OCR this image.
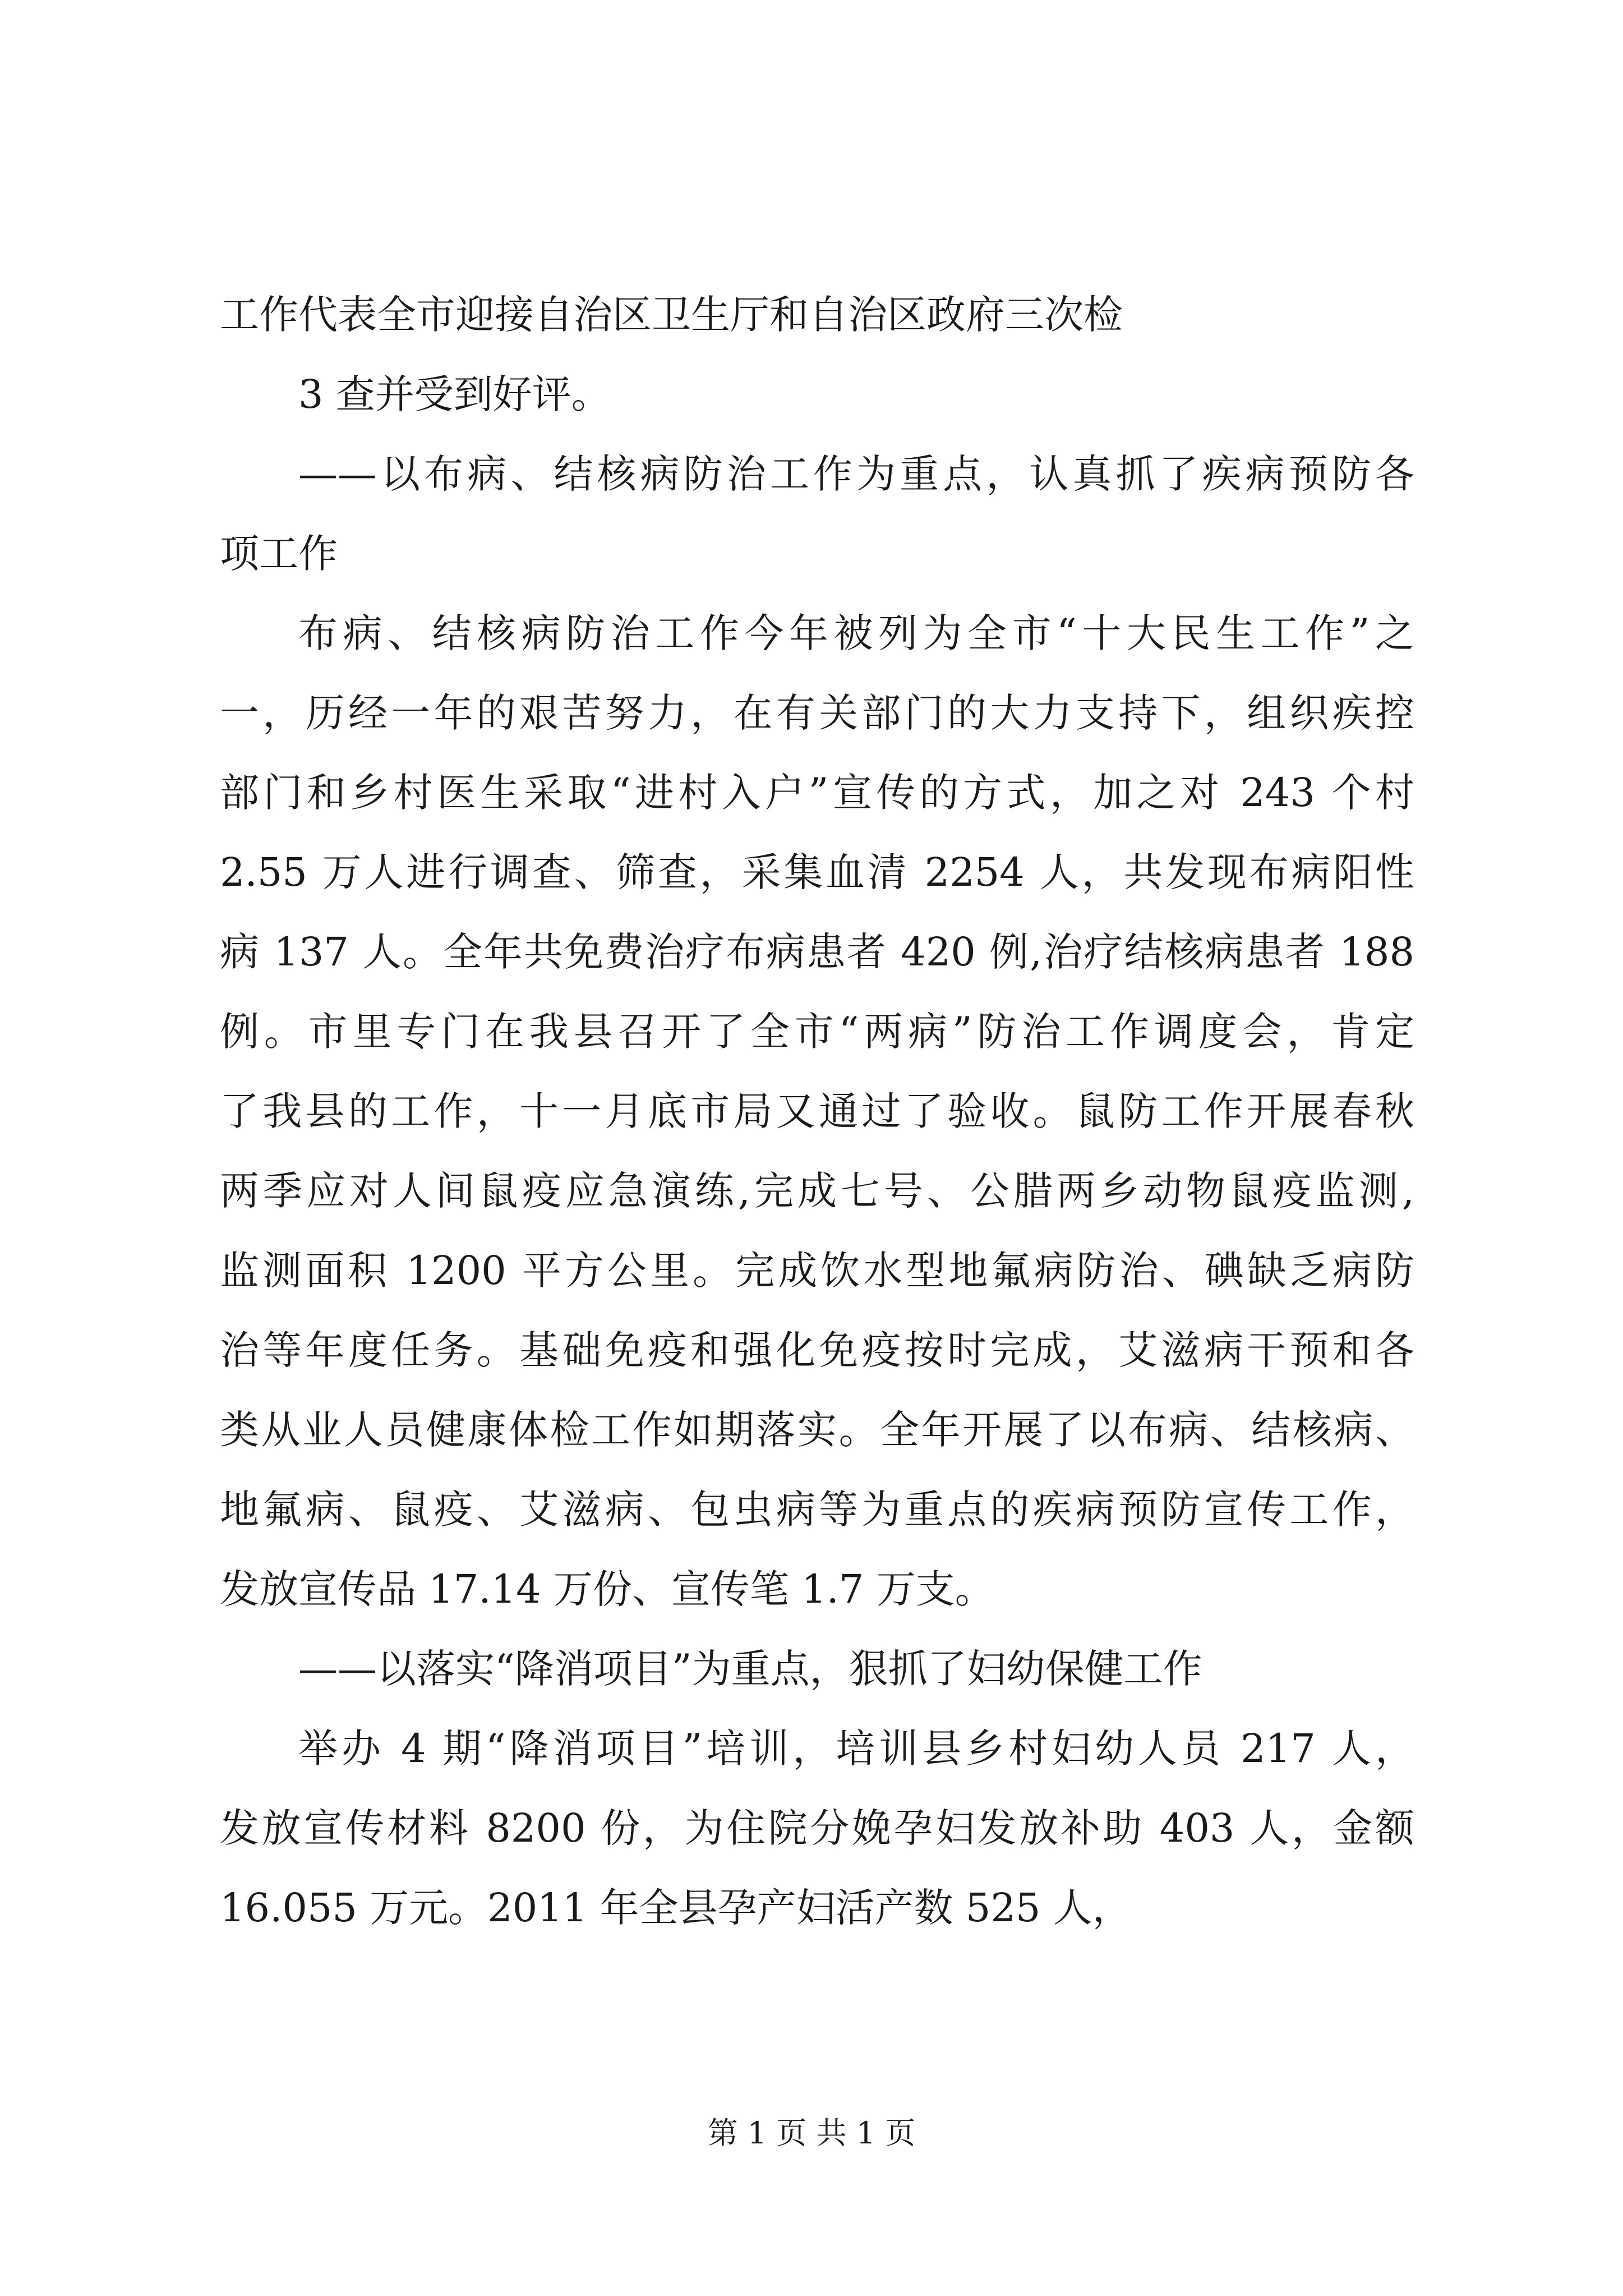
工作代表全市迎接自治区卫生厅和自治区政府三次检
3 查并受到好评。
——以布病、结核病防治工作为重点，认真抓了疾病预防各
项工作
布病、结核病防治工作今年被列为全市“十大民生工作”之
一，历经一年的艰苦努力，在有关部门的大力支持下，组织疾控
部门和乡村医生采取“进村入户”宣传的方式，加之对 243 个村
2.55 万人进行调查、筛查，采集血清 2254 人，共发现布病阳性
病 137 人。全年共免费治疗布病患者 420 例,治疗结核病患者 188
例。市里专门在我县召开了全市“两病”防治工作调度会，肯定
了我县的工作，十一月底市局又通过了验收。鼠防工作开展春秋
两季应对人间鼠疫应急演练,完成七号、公腊两乡动物鼠疫监测,
监测面积 1200 平方公里。完成饮水型地氟病防治、碘缺乏病防
治等年度任务。基础免疫和强化免疫按时完成，艾滋病干预和各
类从业人员健康体检工作如期落实。全年开展了以布病、结核病、
地氟病、鼠疫、艾滋病、包虫病等为重点的疾病预防宣传工作，
发放宣传品 17.14 万份、宣传笔 1.7 万支。
——以落实“降消项目”为重点，狠抓了妇幼保健工作
举办 4 期“降消项目”培训，培训县乡村妇幼人员 217 人，
发放宣传材料 8200 份，为住院分娩孕妇发放补助 403 人，金额
16.055 万元。2011 年全县孕产妇活产数 525 人，
第 1 页 共 1 页
